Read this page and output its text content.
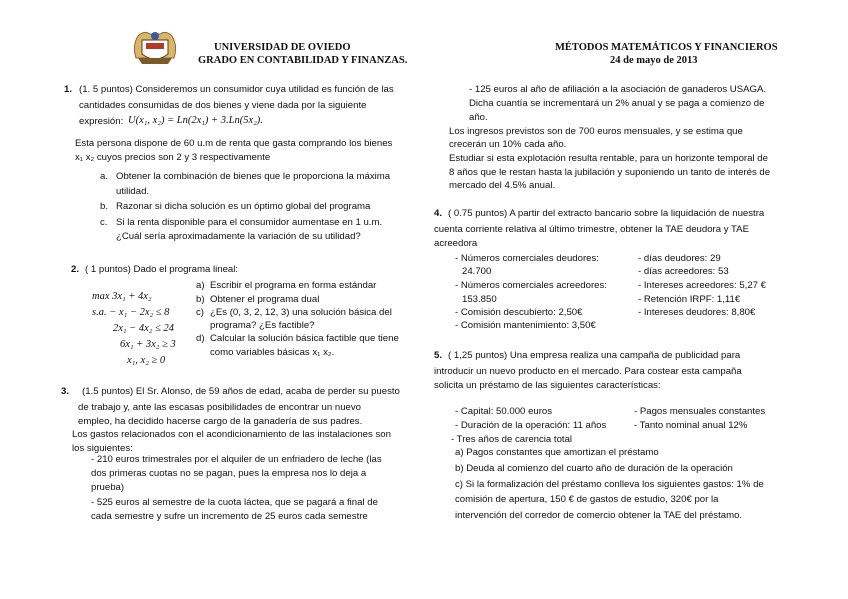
UNIVERSIDAD DE OVIEDO
GRADO EN CONTABILIDAD Y FINANZAS.
MÉTODOS MATEMÁTICOS Y FINANCIEROS
24 de mayo de 2013
1. (1. 5 puntos) Consideremos un consumidor cuya utilidad es función de las
cantidades consumidas de dos bienes y viene dada por la siguiente
expresión: U(x₁, x₂) = Ln(2x₁) + 3.Ln(5x₂).
Esta persona dispone de 60 u.m de renta que gasta comprando los bienes
x₁ x₂ cuyos precios son 2 y 3 respectivamente
a. Obtener la combinación de bienes que le proporciona la máxima
utilidad.
b. Razonar si dicha solución es un óptimo global del programa
c. Si la renta disponible para el consumidor aumentase en 1 u.m.
¿Cuál sería aproximadamente la variación de su utilidad?
2. ( 1 puntos) Dado el programa lineal:
max 3x₁ + 4x₂
s.a. − x₁ − 2x₂ ≤ 8
2x₁ − 4x₂ ≤ 24
6x₁ + 3x₂ ≥ 3
x₁, x₂ ≥ 0
a) Escribir el programa en forma estándar
b) Obtener el programa dual
c) ¿Es (0, 3, 2, 12, 3) una solución básica del
programa? ¿Es factible?
d) Calcular la solución básica factible que tiene
como variables básicas x₁ x₂.
3. (1.5 puntos) El Sr. Alonso, de 59 años de edad, acaba de perder su puesto
de trabajo y, ante las escasas posibilidades de encontrar un nuevo
empleo, ha decidido hacerse cargo de la ganadería de sus padres.
Los gastos relacionados con el acondicionamiento de las instalaciones son
los siguientes:
- 210 euros trimestrales por el alquiler de un enfriadero de leche (las
dos primeras cuotas no se pagan, pues la empresa nos lo deja a
prueba)
- 525 euros al semestre de la cuota láctea, que se pagará a final de
cada semestre y sufre un incremento de 25 euros cada semestre
- 125 euros al año de afiliación a la asociación de ganaderos USAGA.
Dicha cuantía se incrementará un 2% anual y se paga a comienzo de
año.
Los ingresos previstos son de 700 euros mensuales, y se estima que
crecerán un 10% cada año.
Estudiar si esta explotación resulta rentable, para un horizonte temporal de
8 años que le restan hasta la jubilación y suponiendo un tanto de interés de
mercado del 4.5% anual.
4. ( 0.75 puntos) A partir del extracto bancario sobre la liquidación de nuestra
cuenta corriente relativa al último trimestre, obtener la TAE deudora y TAE
acreedora
- Números comerciales deudores:
24.700
- Números comerciales acreedores:
153.850
- Comisión descubierto: 2,50€
- Comisión mantenimiento: 3,50€
- días deudores: 29
- días acreedores: 53
- Intereses acreedores: 5,27 €
- Retención IRPF: 1,11€
- Intereses deudores: 8,80€
5. ( 1,25 puntos) Una empresa realiza una campaña de publicidad para
introducir un nuevo producto en el mercado. Para costear esta campaña
solicita un préstamo de las siguientes características:
- Capital: 50.000 euros
- Duración de la operación: 11 años
- Tres años de carencia total
- Pagos mensuales constantes
- Tanto nominal anual 12%
a) Pagos constantes que amortizan el préstamo
b) Deuda al comienzo del cuarto año de duración de la operación
c) Si la formalización del préstamo conlleva los siguientes gastos: 1% de
comisión de apertura, 150 € de gastos de estudio, 320€ por la
intervención del corredor de comercio obtener la TAE del préstamo.
